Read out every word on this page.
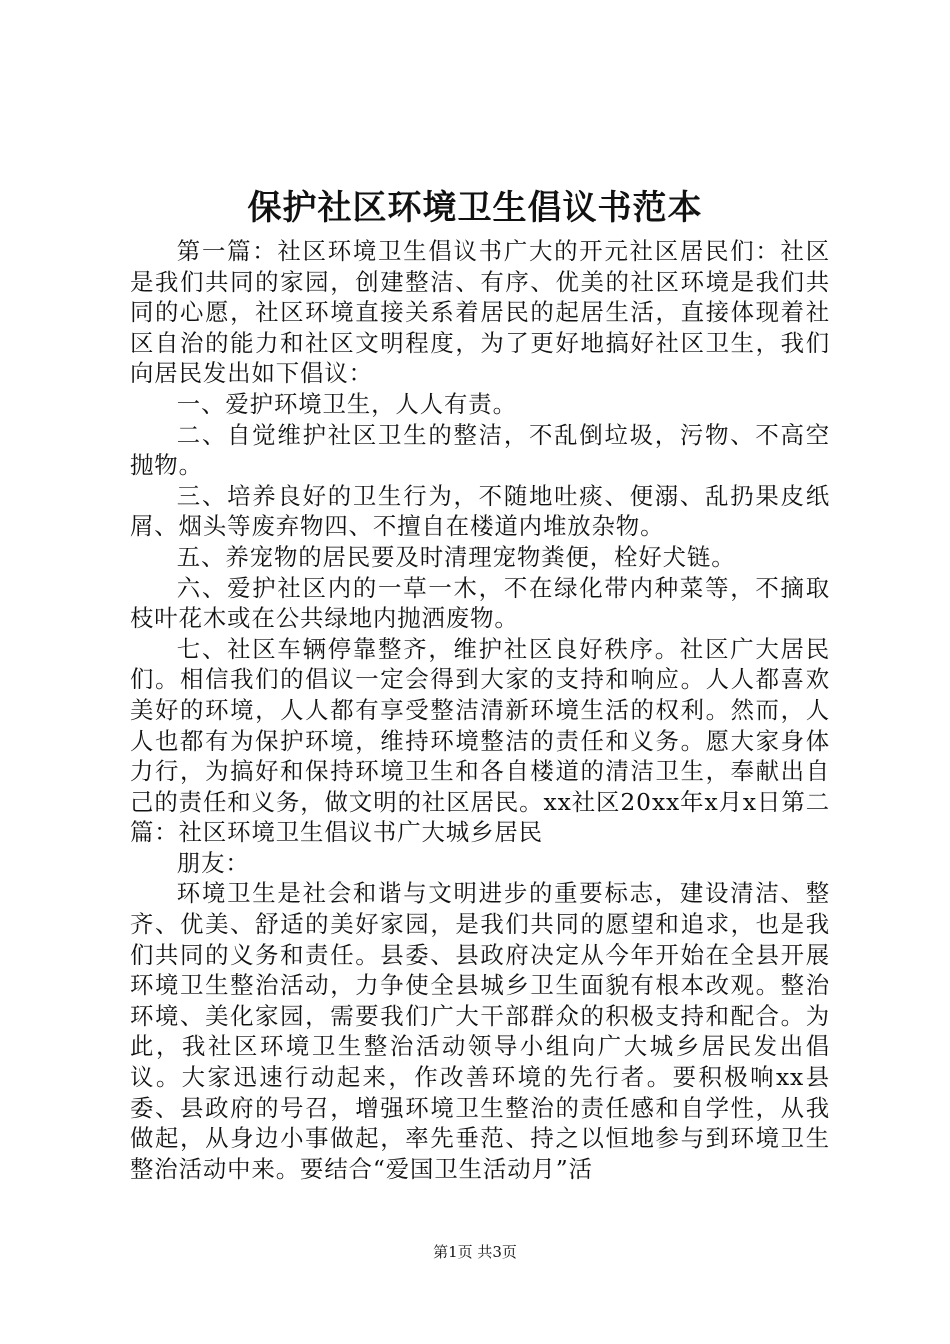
保护社区环境卫生倡议书范本

第一篇：社区环境卫生倡议书广大的开元社区居民们：社区是我们共同的家园，创建整洁、有序、优美的社区环境是我们共同的心愿，社区环境直接关系着居民的起居生活，直接体现着社区自治的能力和社区文明程度，为了更好地搞好社区卫生，我们向居民发出如下倡议：

一、爱护环境卫生，人人有责。

二、自觉维护社区卫生的整洁，不乱倒垃圾，污物、不高空抛物。

三、培养良好的卫生行为，不随地吐痰、便溺、乱扔果皮纸屑、烟头等废弃物四、不擅自在楼道内堆放杂物。

五、养宠物的居民要及时清理宠物粪便，栓好犬链。

六、爱护社区内的一草一木，不在绿化带内种菜等，不摘取枝叶花木或在公共绿地内抛洒废物。

七、社区车辆停靠整齐，维护社区良好秩序。社区广大居民们。相信我们的倡议一定会得到大家的支持和响应。人人都喜欢美好的环境，人人都有享受整洁清新环境生活的权利。然而，人人也都有为保护环境，维持环境整洁的责任和义务。愿大家身体力行，为搞好和保持环境卫生和各自楼道的清洁卫生，奉献出自己的责任和义务，做文明的社区居民。xx社区20xx年x月x日第二篇：社区环境卫生倡议书广大城乡居民

朋友：

环境卫生是社会和谐与文明进步的重要标志，建设清洁、整齐、优美、舒适的美好家园，是我们共同的愿望和追求，也是我们共同的义务和责任。县委、县政府决定从今年开始在全县开展环境卫生整治活动，力争使全县城乡卫生面貌有根本改观。整治环境、美化家园，需要我们广大干部群众的积极支持和配合。为此，我社区环境卫生整治活动领导小组向广大城乡居民发出倡议。大家迅速行动起来，作改善环境的先行者。要积极响xx县委、县政府的号召，增强环境卫生整治的责任感和自学性，从我做起，从身边小事做起，率先垂范、持之以恒地参与到环境卫生整治活动中来。要结合“爱国卫生活动月”活

第1页 共3页
